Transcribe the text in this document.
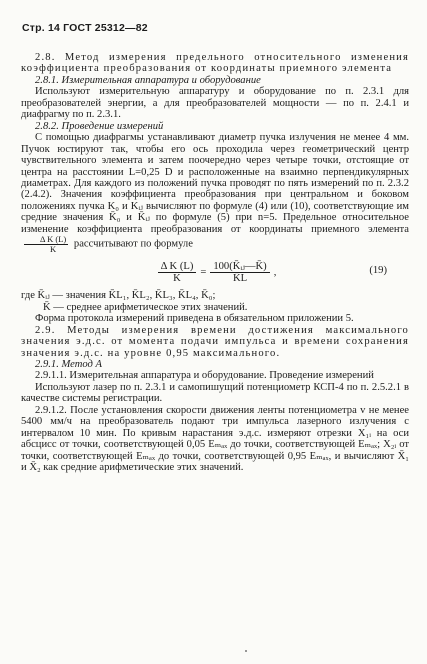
Стр. 14 ГОСТ 25312—82

2.8. Метод измерения предельного относительного изменения коэффициента преобразования от координаты приемного элемента

2.8.1. Измерительная аппаратура и оборудование

Используют измерительную аппаратуру и оборудование по п. 2.3.1 для преобразователей энергии, а для преобразователей мощности — по п. 2.4.1 и диафрагму по п. 2.3.1.

2.8.2. Проведение измерений

С помощью диафрагмы устанавливают диаметр пучка излучения не менее 4 мм. Пучок юстируют так, чтобы его ось проходила через геометрический центр чувствительного элемента и затем поочередно через четыре точки, отстоящие от центра на расстоянии L=0,25 D и расположенные на взаимно перпендикулярных диаметрах. Для каждого из положений пучка проводят по пять измерений по п. 2.3.2 (2.4.2). Значения коэффициента преобразования при центральном и боковом положениях пучка K₀ и Kᵢⱼ вычисляют по формуле (4) или (10), соответствующие им средние значения K̄₀ и K̄ᵢⱼ по формуле (5) при n=5. Предельное относительное изменение коэффициента преобразования от координаты приемного элемента
$\frac{\text{Δ K (L)}}{K}$ рассчитывают по формуле

$\frac{\text{Δ K (L)}}{K} = \frac{\text{100(K̄ᵢⱼ—K̄)}}{K̄L}$ ,	(19)

где K̄ᵢⱼ — значения K̄L₁, K̄L₂, K̄L₃, K̄L₄, K̄₀;

K̄ — среднее арифметическое этих значений.

Форма протокола измерений приведена в обязательном приложении 5.

2.9. Методы измерения времени достижения максимального значения э.д.с. от момента подачи импульса и времени сохранения значения э.д.с. на уровне 0,95 максимального.

2.9.1. Метод А

2.9.1.1. Измерительная аппаратура и оборудование. Проведение измерений

Используют лазер по п. 2.3.1 и самопишущий потенциометр КСП-4 по п. 2.5.2.1 в качестве системы регистрации.

2.9.1.2. После установления скорости движения ленты потенциометра v не менее 5400 мм/ч на преобразователь подают три импульса лазерного излучения с интервалом 10 мин. По кривым нарастания э.д.с. измеряют отрезки X₁ᵢ на оси абсцисс от точки, соответствующей 0,05 Eₘₐₓ до точки, соответствующей Eₘₐₓ; X₂ᵢ от точки, соответствующей Eₘₐₓ до точки, соответствующей 0,95 Eₘₐₓ, и вычисляют X̄₁ и X̄₂ как средние арифметические этих значений.
